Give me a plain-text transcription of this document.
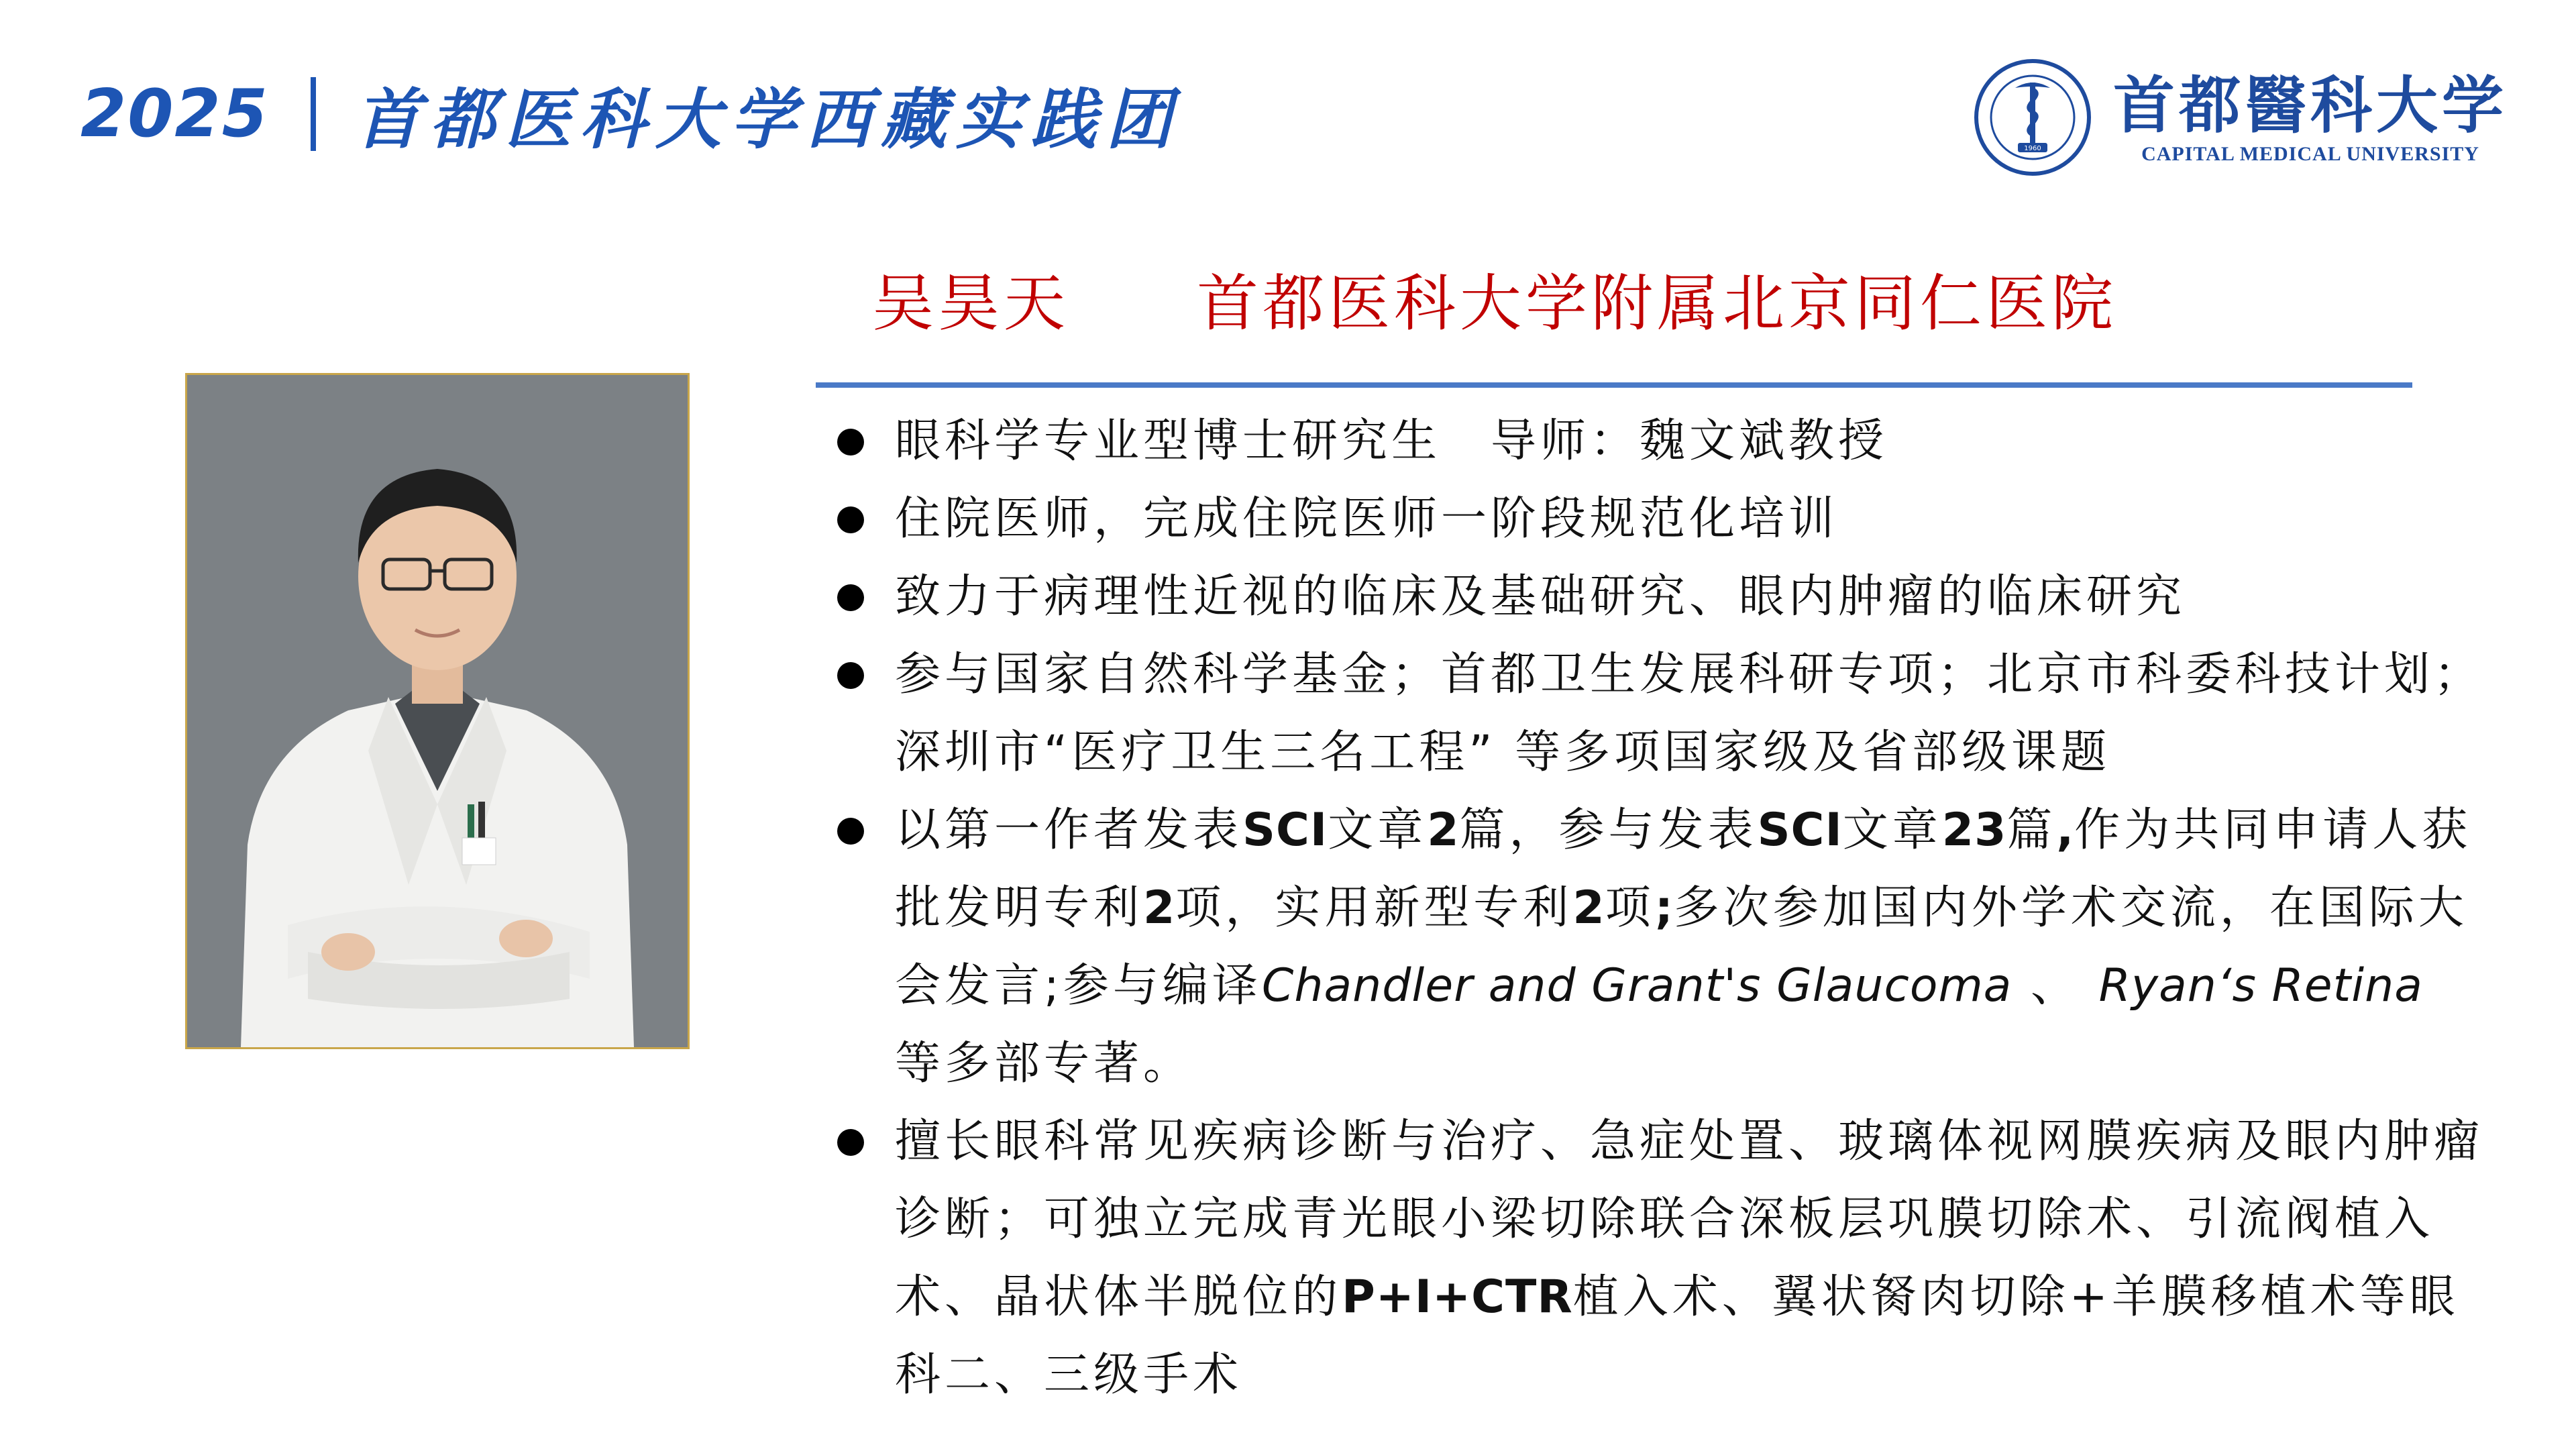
2025 首都医科大学西藏实践团	1960
首都醫科大学
CAPITAL MEDICAL UNIVERSITY
吴昊天 首都医科大学附属北京同仁医院
眼科学专业型博士研究生　导师：魏文斌教授
住院医师，完成住院医师一阶段规范化培训
致力于病理性近视的临床及基础研究、眼内肿瘤的临床研究
参与国家自然科学基金；首都卫生发展科研专项；北京市科委科技计划；深圳市“医疗卫生三名工程” 等多项国家级及省部级课题
以第一作者发表SCI文章2篇，参与发表SCI文章23篇,作为共同申请人获批发明专利2项，实用新型专利2项;多次参加国内外学术交流，在国际大会发言;参与编译Chandler and Grant's Glaucoma 、 Ryan‘s Retina 等多部专著。
擅长眼科常见疾病诊断与治疗、急症处置、玻璃体视网膜疾病及眼内肿瘤诊断；可独立完成青光眼小梁切除联合深板层巩膜切除术、引流阀植入术、晶状体半脱位的P+I+CTR植入术、翼状胬肉切除+羊膜移植术等眼科二、三级手术
